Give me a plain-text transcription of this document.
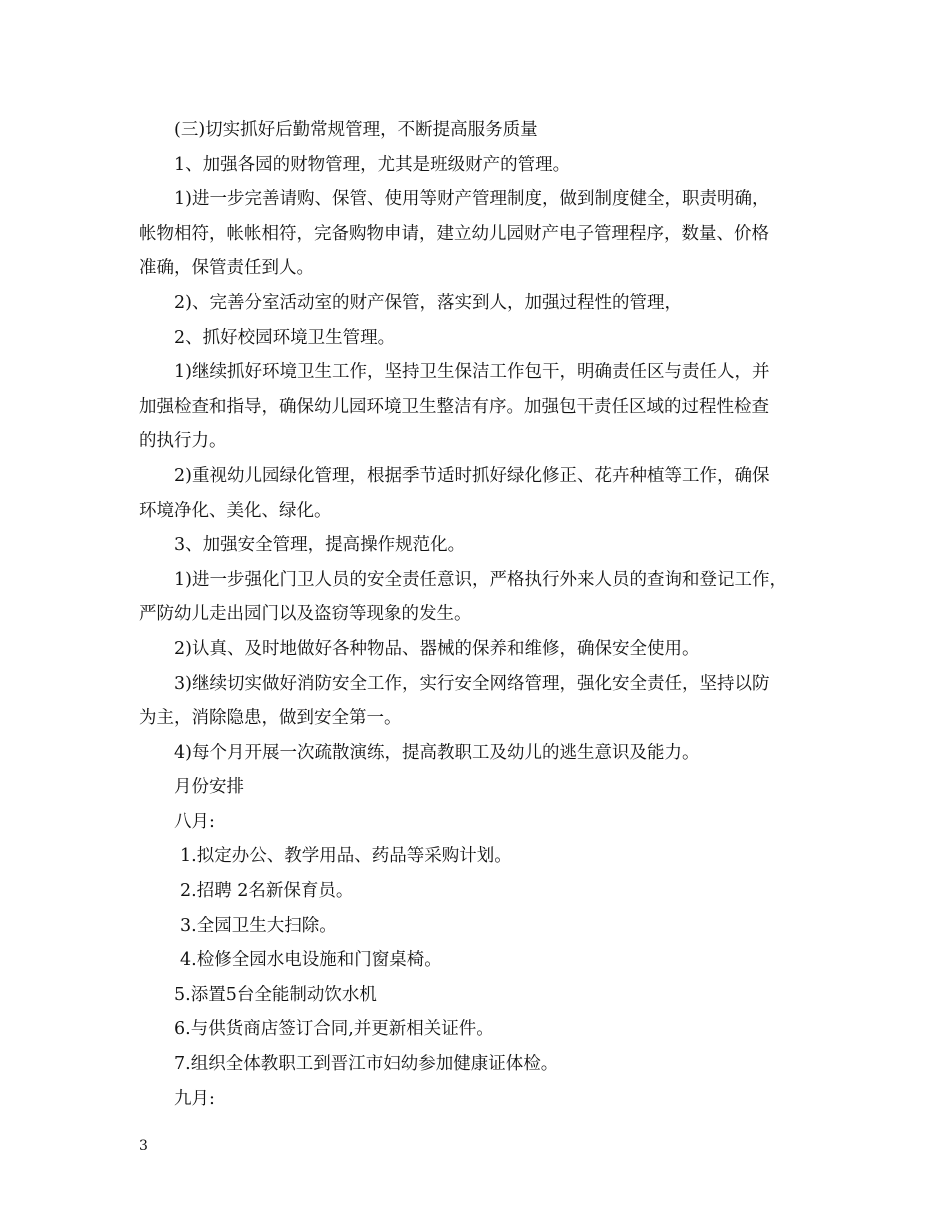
(三)切实抓好后勤常规管理，不断提高服务质量

1、加强各园的财物管理，尤其是班级财产的管理。

1)进一步完善请购、保管、使用等财产管理制度，做到制度健全，职责明确，

帐物相符，帐帐相符，完备购物申请，建立幼儿园财产电子管理程序，数量、价格

准确，保管责任到人。

2)、完善分室活动室的财产保管，落实到人，加强过程性的管理，

2、抓好校园环境卫生管理。

1)继续抓好环境卫生工作，坚持卫生保洁工作包干，明确责任区与责任人，并

加强检查和指导，确保幼儿园环境卫生整洁有序。加强包干责任区域的过程性检查

的执行力。

2)重视幼儿园绿化管理，根据季节适时抓好绿化修正、花卉种植等工作，确保

环境净化、美化、绿化。

3、加强安全管理，提高操作规范化。

1)进一步强化门卫人员的安全责任意识，严格执行外来人员的查询和登记工作，

严防幼儿走出园门以及盗窃等现象的发生。

2)认真、及时地做好各种物品、器械的保养和维修，确保安全使用。

3)继续切实做好消防安全工作，实行安全网络管理，强化安全责任，坚持以防

为主，消除隐患，做到安全第一。

4)每个月开展一次疏散演练，提高教职工及幼儿的逃生意识及能力。

月份安排

八月:

1.拟定办公、教学用品、药品等采购计划。

2.招聘 2名新保育员。

3.全园卫生大扫除。

4.检修全园水电设施和门窗桌椅。

5.添置5台全能制动饮水机

6.与供货商店签订合同,并更新相关证件。

7.组织全体教职工到晋江市妇幼参加健康证体检。

九月:

3
